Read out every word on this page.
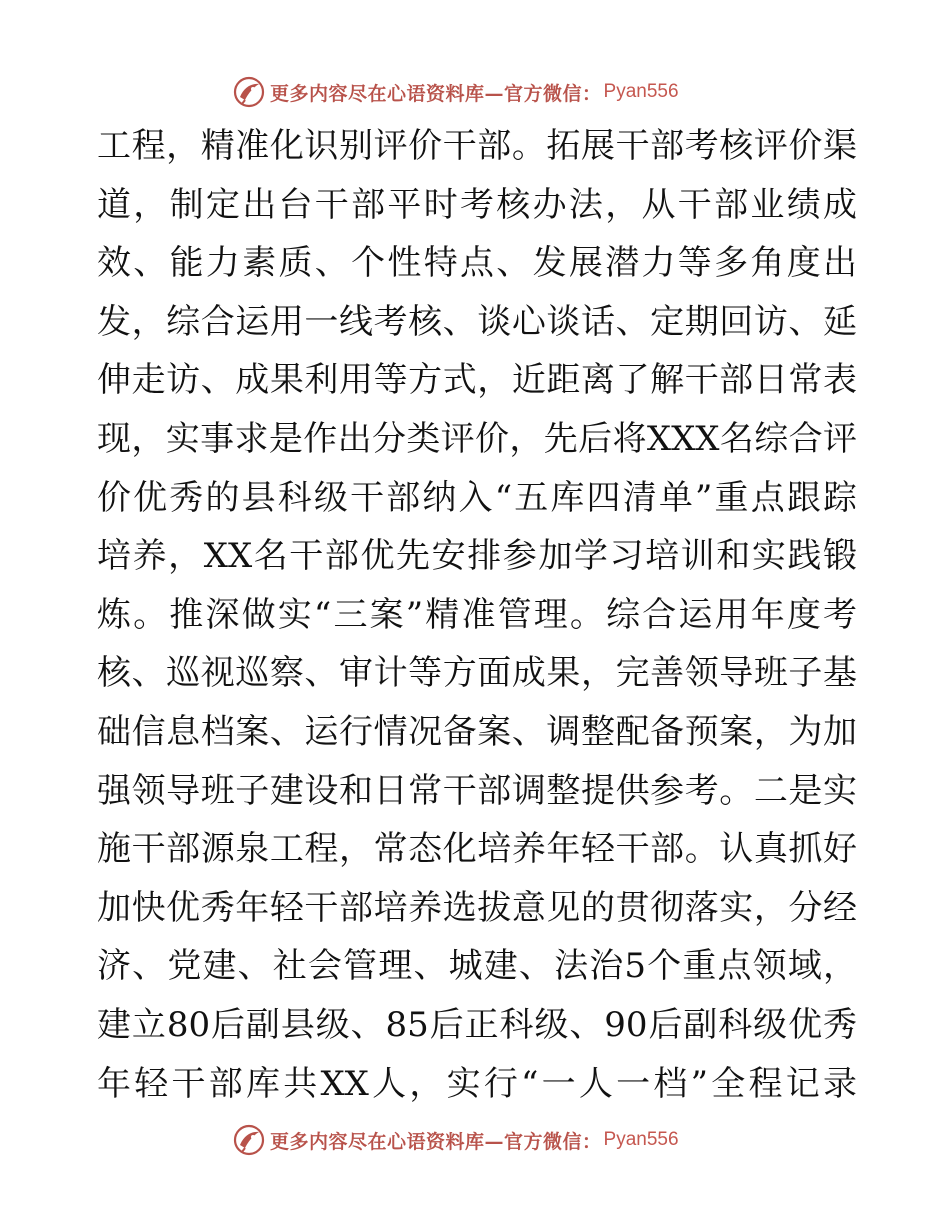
更多内容尽在心语资料库—官方微信： Pyan556
工程，精准化识别评价干部。拓展干部考核评价渠
道，制定出台干部平时考核办法，从干部业绩成
效、能力素质、个性特点、发展潜力等多角度出
发，综合运用一线考核、谈心谈话、定期回访、延
伸走访、成果利用等方式，近距离了解干部日常表
现，实事求是作出分类评价，先后将XXX名综合评
价优秀的县科级干部纳入“五库四清单”重点跟踪
培养，XX名干部优先安排参加学习培训和实践锻
炼。推深做实“三案”精准管理。综合运用年度考
核、巡视巡察、审计等方面成果，完善领导班子基
础信息档案、运行情况备案、调整配备预案，为加
强领导班子建设和日常干部调整提供参考。二是实
施干部源泉工程，常态化培养年轻干部。认真抓好
加快优秀年轻干部培养选拔意见的贯彻落实，分经
济、党建、社会管理、城建、法治5个重点领域，
建立80后副县级、85后正科级、90后副科级优秀
年轻干部库共XX人，实行“一人一档”全程记录
更多内容尽在心语资料库—官方微信： Pyan556
